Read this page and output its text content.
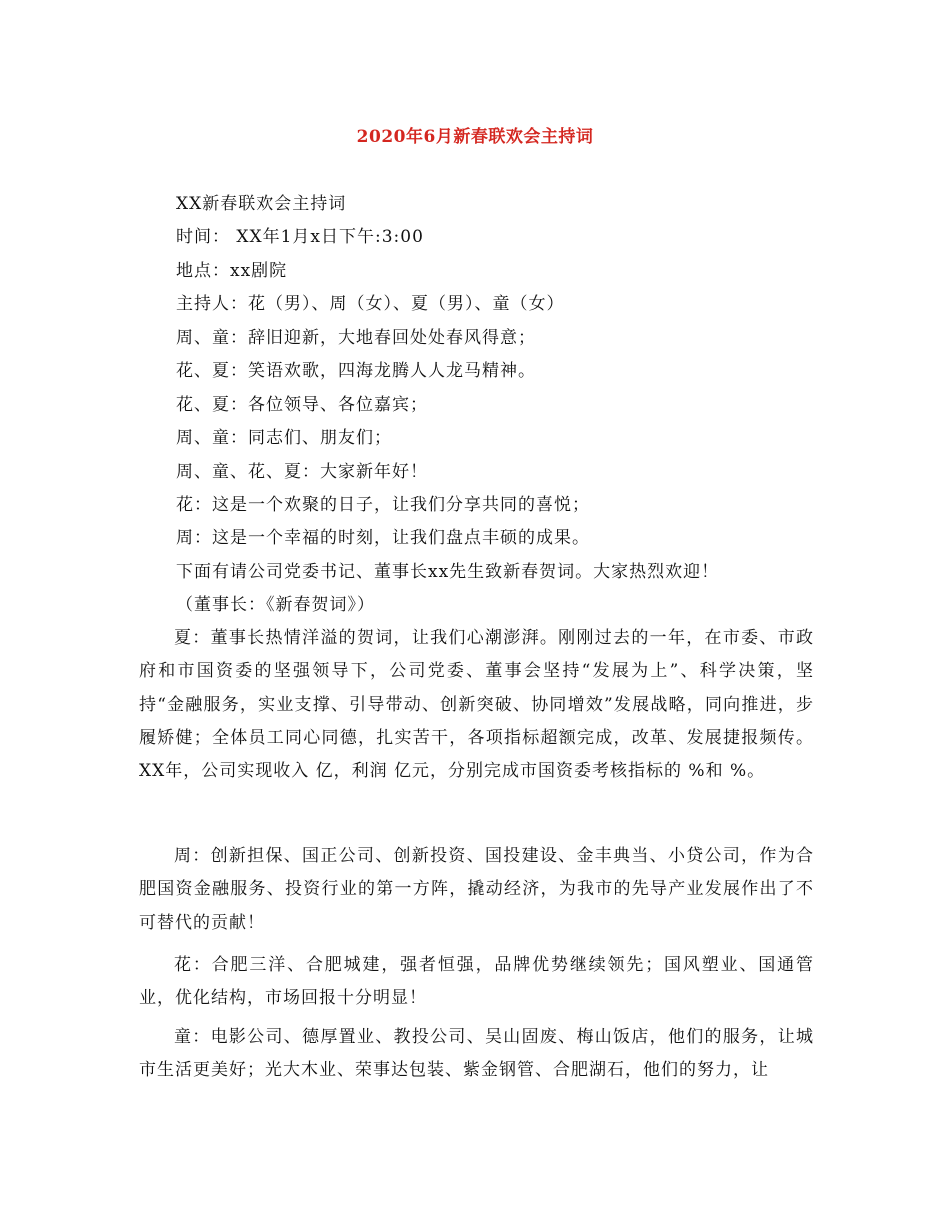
2020年6月新春联欢会主持词
XX新春联欢会主持词
时间： XX年1月x日下午:3:00
地点：xx剧院
主持人：花（男）、周（女）、夏（男）、童（女）
周、童：辞旧迎新，大地春回处处春风得意；
花、夏：笑语欢歌，四海龙腾人人龙马精神。
花、夏：各位领导、各位嘉宾；
周、童：同志们、朋友们；
周、童、花、夏：大家新年好！
花：这是一个欢聚的日子，让我们分享共同的喜悦；
周：这是一个幸福的时刻，让我们盘点丰硕的成果。
下面有请公司党委书记、董事长xx先生致新春贺词。大家热烈欢迎！
（董事长：《新春贺词》）
夏：董事长热情洋溢的贺词，让我们心潮澎湃。刚刚过去的一年，在市委、市政府和市国资委的坚强领导下，公司党委、董事会坚持“发展为上”、科学决策，坚持“金融服务，实业支撑、引导带动、创新突破、协同增效”发展战略，同向推进，步履矫健；全体员工同心同德，扎实苦干，各项指标超额完成，改革、发展捷报频传。XX年，公司实现收入 亿，利润 亿元，分别完成市国资委考核指标的 %和 %。
周：创新担保、国正公司、创新投资、国投建设、金丰典当、小贷公司，作为合肥国资金融服务、投资行业的第一方阵，撬动经济，为我市的先导产业发展作出了不可替代的贡献！
花：合肥三洋、合肥城建，强者恒强，品牌优势继续领先；国风塑业、国通管业，优化结构，市场回报十分明显！
童：电影公司、德厚置业、教投公司、吴山固废、梅山饭店，他们的服务，让城市生活更美好；光大木业、荣事达包装、紫金钢管、合肥湖石，他们的努力，让
